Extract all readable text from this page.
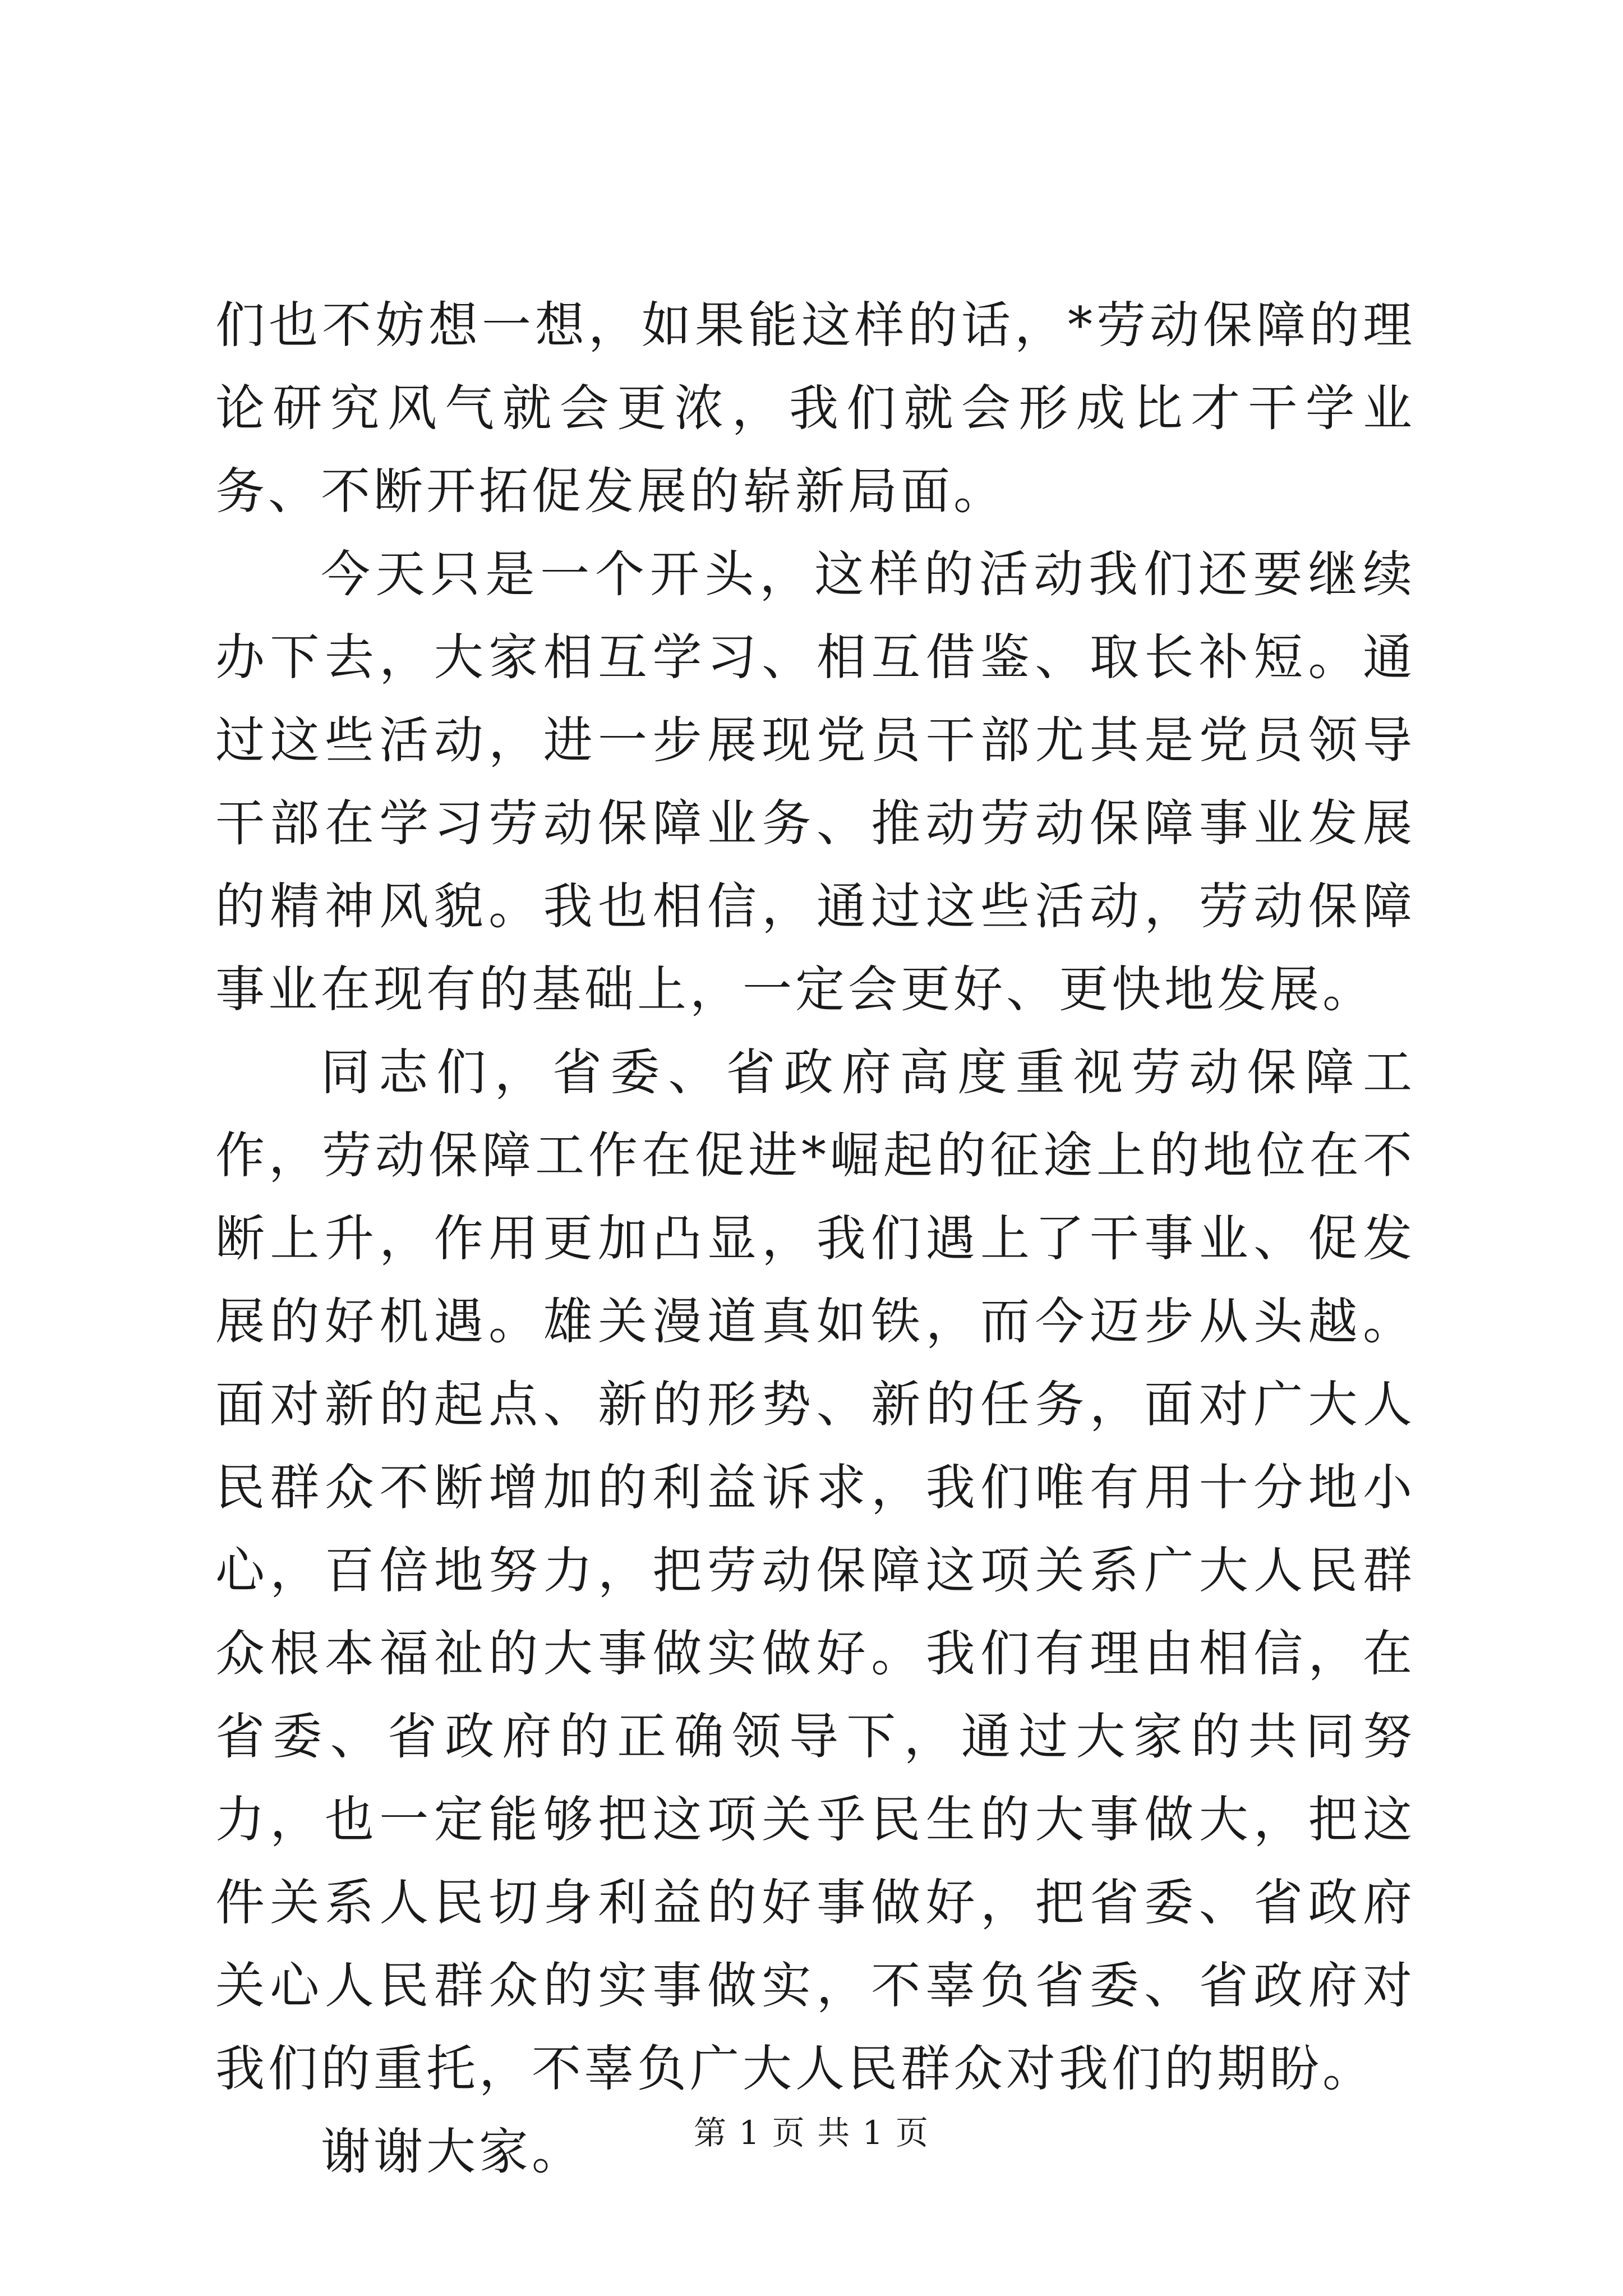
们也不妨想一想，如果能这样的话，*劳动保障的理论研究风气就会更浓，我们就会形成比才干学业务、不断开拓促发展的崭新局面。

今天只是一个开头，这样的活动我们还要继续办下去，大家相互学习、相互借鉴、取长补短。通过这些活动，进一步展现党员干部尤其是党员领导干部在学习劳动保障业务、推动劳动保障事业发展的精神风貌。我也相信，通过这些活动，劳动保障事业在现有的基础上，一定会更好、更快地发展。

同志们，省委、省政府高度重视劳动保障工作，劳动保障工作在促进*崛起的征途上的地位在不断上升，作用更加凸显，我们遇上了干事业、促发展的好机遇。雄关漫道真如铁，而今迈步从头越。面对新的起点、新的形势、新的任务，面对广大人民群众不断增加的利益诉求，我们唯有用十分地小心，百倍地努力，把劳动保障这项关系广大人民群众根本福祉的大事做实做好。我们有理由相信，在省委、省政府的正确领导下，通过大家的共同努力，也一定能够把这项关乎民生的大事做大，把这件关系人民切身利益的好事做好，把省委、省政府关心人民群众的实事做实，不辜负省委、省政府对我们的重托，不辜负广大人民群众对我们的期盼。

谢谢大家。	第 1 页 共 1 页
